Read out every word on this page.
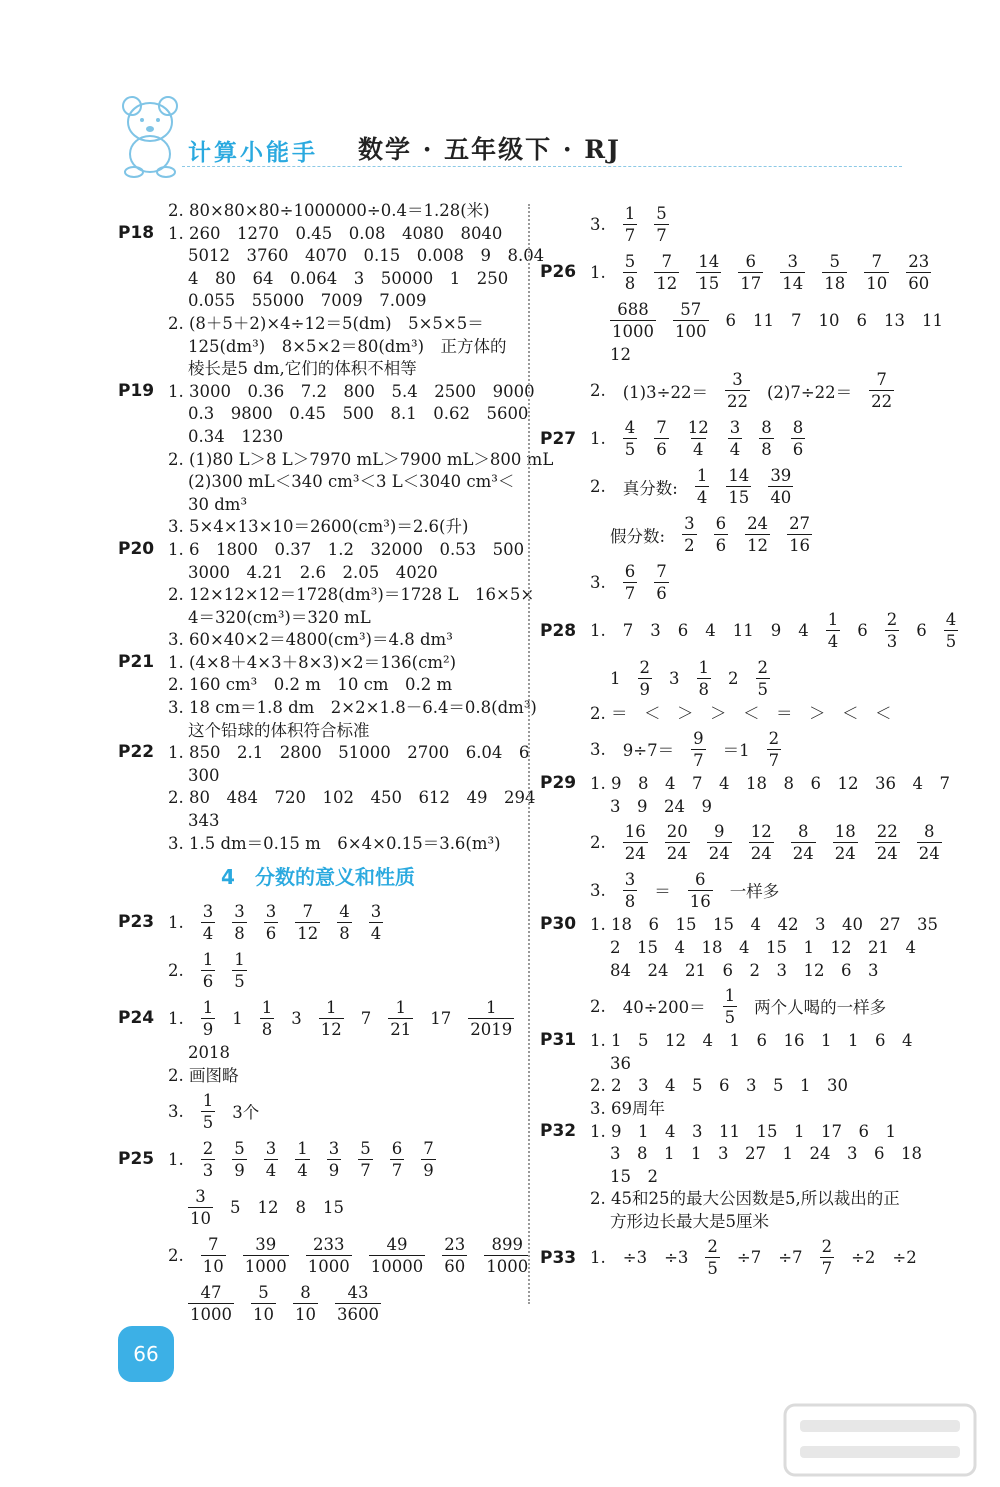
计算小能手 数学 · 五年级下 · RJ
2. 80×80×80÷1000000÷0.4＝1.28(米)
P18 1. 260　1270　0.45　0.08　4080　8040
5012　3760　4070　0.15　0.008　9　8.04
4　80　64　0.064　3　50000　1　250
0.055　55000　7009　7.009
2. (8＋5＋2)×4÷12＝5(dm)　5×5×5＝
125(dm³)　8×5×2＝80(dm³)　正方体的
棱长是5 dm,它们的体积不相等
P19 1. 3000　0.36　7.2　800　5.4　2500　9000
0.3　9800　0.45　500　8.1　0.62　5600
0.34　1230
2. (1)80 L＞8 L＞7970 mL＞7900 mL＞800 mL
(2)300 mL＜340 cm³＜3 L＜3040 cm³＜
30 dm³
3. 5×4×13×10＝2600(cm³)＝2.6(升)
P20 1. 6　1800　0.37　1.2　32000　0.53　500
3000　4.21　2.6　2.05　4020
2. 12×12×12＝1728(dm³)＝1728 L　16×5×
4＝320(cm³)＝320 mL
3. 60×40×2＝4800(cm³)＝4.8 dm³
P21 1. (4×8＋4×3＋8×3)×2＝136(cm²)
2. 160 cm³　0.2 m　10 cm　0.2 m
3. 18 cm＝1.8 dm　2×2×1.8－6.4＝0.8(dm³)
这个铅球的体积符合标准
P22 1. 850　2.1　2800　51000　2700　6.04　6
300
2. 80　484　720　102　450　612　49　294
343
3. 1.5 dm＝0.15 m　6×4×0.15＝3.6(m³)
4　分数的意义和性质
P23 1. $\frac{3}{4} \frac{3}{8} \frac{3}{6} \frac{7}{12} \frac{4}{8} \frac{3}{4}$
2. $\frac{1}{6} \frac{1}{5}$
P24 1. $\frac{1}{9} 1 \frac{1}{8} 3 \frac{1}{12} 7 \frac{1}{21} 17 \frac{1}{2019}$
2018
2. 画图略
3. $\frac{1}{5} 3$个
P25 1. $\frac{2}{3} \frac{5}{9} \frac{3}{4} \frac{1}{4} \frac{3}{9} \frac{5}{7} \frac{6}{7} \frac{7}{9}$
$\frac{3}{10} 5$ 12 8 15
2. $\frac{7}{10} \frac{39}{1000} \frac{233}{1000} \frac{49}{10000} \frac{23}{60} \frac{899}{1000}$
$\frac{47}{1000} \frac{5}{10} \frac{8}{10} \frac{43}{3600}$
3. $\frac{1}{7} \frac{5}{7}$
P26 1. $\frac{5}{8} \frac{7}{12} \frac{14}{15} \frac{6}{17} \frac{3}{14} \frac{5}{18} \frac{7}{10} \frac{23}{60}$
$\frac{688}{1000} \frac{57}{100} 6$ 11 7 10 6 13 11
12
2. $(1)3\div 22= \frac{3}{22} (2)7\div 22= \frac{7}{22}$
P27 1. $\frac{4}{5} \frac{7}{6} \frac{12}{4} \frac{3}{4} \frac{8}{8} \frac{8}{6}$
2. 真分数: $\frac{1}{4} \frac{14}{15} \frac{39}{40}$
假分数: $\frac{3}{2} \frac{6}{6} \frac{24}{12} \frac{27}{16}$
3. $\frac{6}{7} \frac{7}{6}$
P28 1. 7 3 6 4 11 9 $4 \frac{1}{4} 6 \frac{2}{3} 6 \frac{4}{5}$
$1 \frac{2}{9} 3 \frac{1}{8} 2 \frac{2}{5}$
2. ＝　＜　＞　＞　＜　＝　＞　＜　＜
3. $9\div 7= \frac{9}{7} =1 \frac{2}{7}$
P29 1. 9　8　4　7　4　18　8　6　12　36　4　7
3　9　24　9
2. $\frac{16}{24} \frac{20}{24} \frac{9}{24} \frac{12}{24} \frac{8}{24} \frac{18}{24} \frac{22}{24} \frac{8}{24}$
3. $\frac{3}{8} = \frac{6}{16}$ 一样多
P30 1. 18　6　15　15　4　42　3　40　27　35
2　15　4　18　4　15　1　12　21　4
84　24　21　6　2　3　12　6　3
2. $40\div 200= \frac{1}{5}$ 两个人喝的一样多
P31 1. 1　5　12　4　1　6　16　1　1　6　4
36
2. 2　3　4　5　6　3　5　1　30
3. 69周年
P32 1. 9　1　4　3　11　15　1　17　6　1
3　8　1　1　3　27　1　24　3　6　18
15　2
2. 45和25的最大公因数是5,所以裁出的正
方形边长最大是5厘米
P33 1. $\div 3 \div 3 \frac{2}{5} \div 7 \div 7 \frac{2}{7} \div 2 \div 2$
66
